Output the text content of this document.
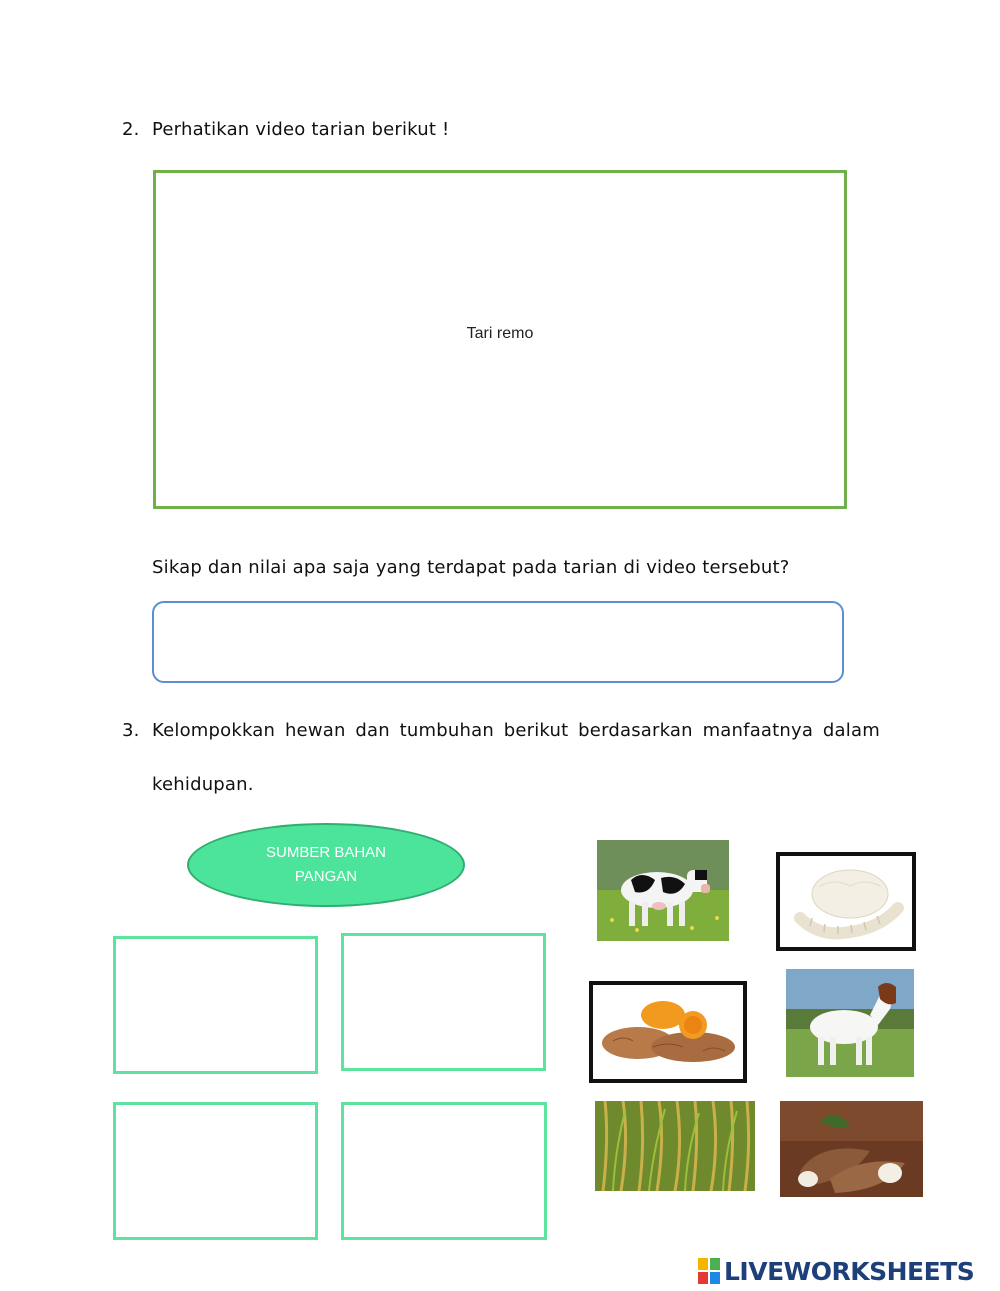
2. Perhatikan video tarian berikut !
Tari remo
Sikap dan nilai apa saja yang terdapat pada tarian di video tersebut?
3. Kelompokkan hewan dan tumbuhan berikut berdasarkan manfaatnya dalam
kehidupan.
SUMBER BAHAN
PANGAN
LIVEWORKSHEETS
